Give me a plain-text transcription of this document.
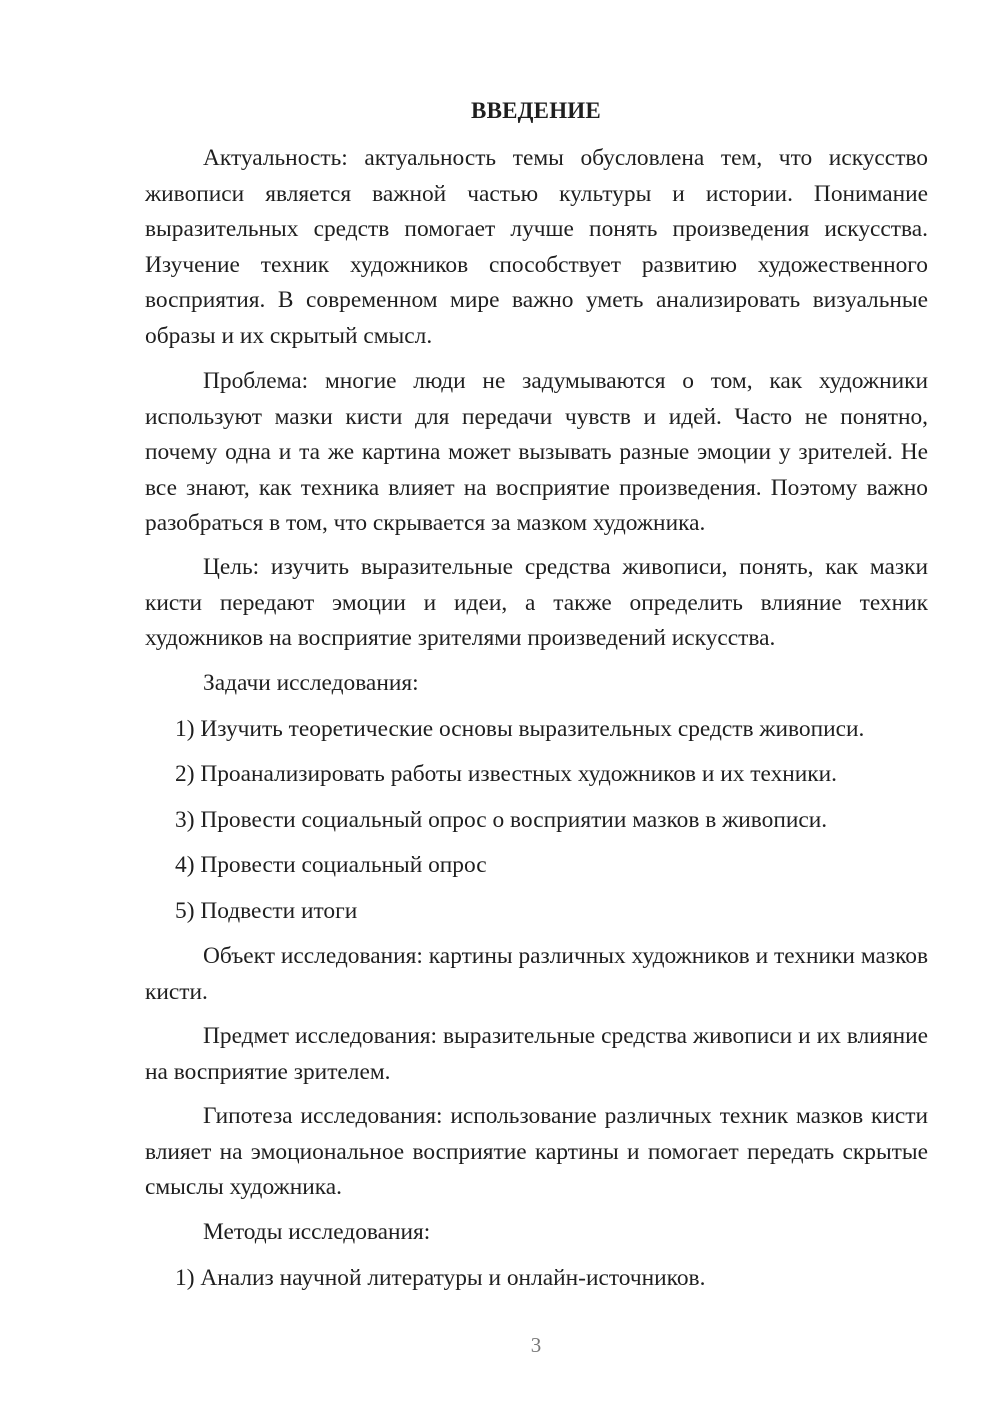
ВВЕДЕНИЕ

Актуальность: актуальность темы обусловлена тем, что искусство живописи является важной частью культуры и истории. Понимание выразительных средств помогает лучше понять произведения искусства. Изучение техник художников способствует развитию художественного восприятия. В современном мире важно уметь анализировать визуальные образы и их скрытый смысл.

Проблема: многие люди не задумываются о том, как художники используют мазки кисти для передачи чувств и идей. Часто не понятно, почему одна и та же картина может вызывать разные эмоции у зрителей. Не все знают, как техника влияет на восприятие произведения. Поэтому важно разобраться в том, что скрывается за мазком художника.

Цель: изучить выразительные средства живописи, понять, как мазки кисти передают эмоции и идеи, а также определить влияние техник художников на восприятие зрителями произведений искусства.

Задачи исследования:

1) Изучить теоретические основы выразительных средств живописи.

2) Проанализировать работы известных художников и их техники.

3) Провести социальный опрос о восприятии мазков в живописи.

4) Провести социальный опрос

5) Подвести итоги

Объект исследования: картины различных художников и техники мазков кисти.

Предмет исследования: выразительные средства живописи и их влияние на восприятие зрителем.

Гипотеза исследования: использование различных техник мазков кисти влияет на эмоциональное восприятие картины и помогает передать скрытые смыслы художника.

Методы исследования:

1) Анализ научной литературы и онлайн-источников.

3
